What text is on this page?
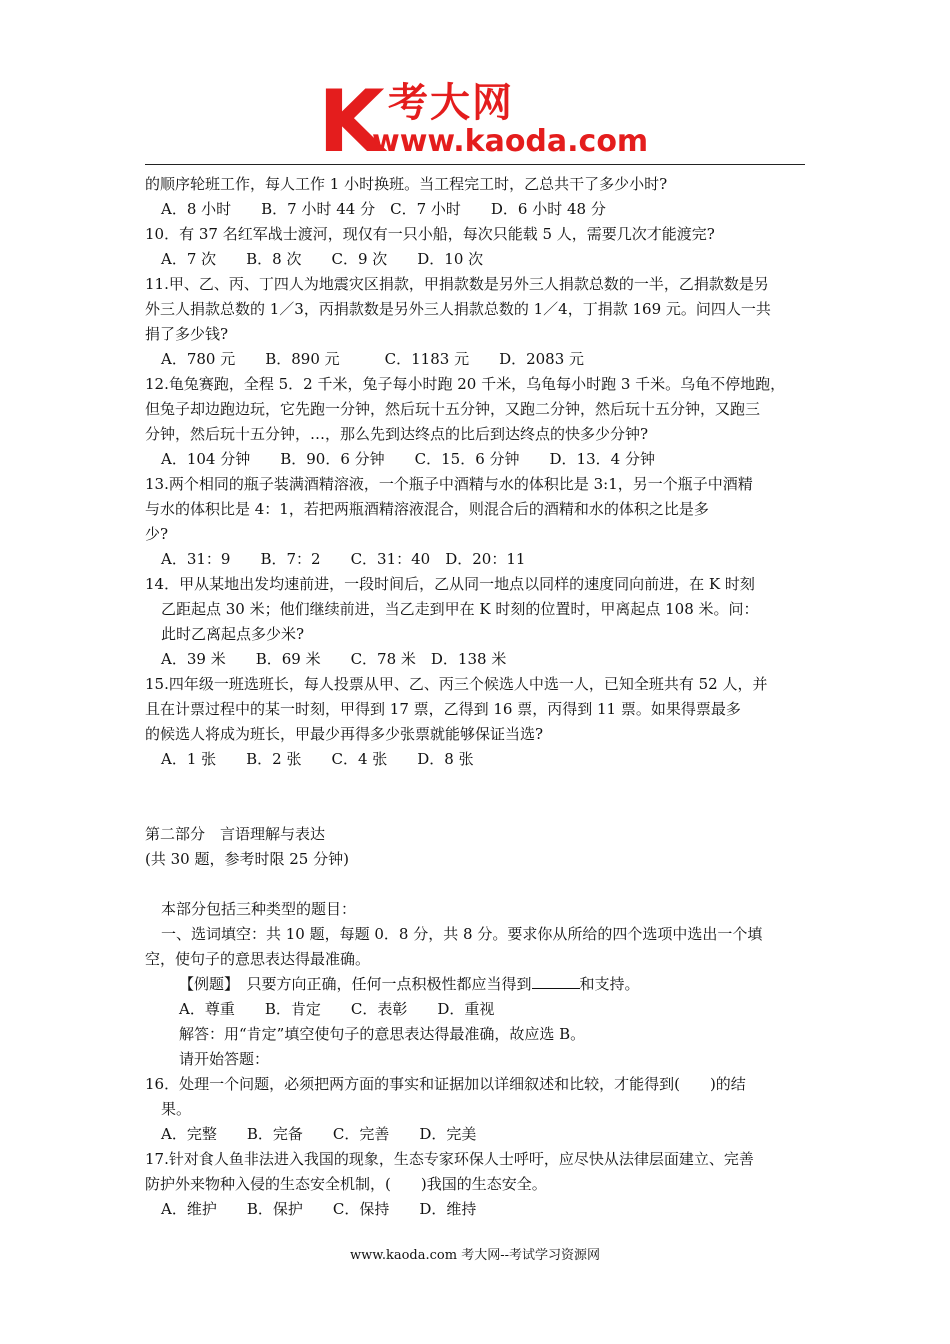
K 考大网
www.kaoda.com
的顺序轮班工作，每人工作 1 小时换班。当工程完工时，乙总共干了多少小时?
A．8 小时　　B．7 小时 44 分　C．7 小时　　D．6 小时 48 分
10．有 37 名红军战士渡河，现仅有一只小船，每次只能载 5 人，需要几次才能渡完?
A．7 次　　B．8 次　　C．9 次　　D．10 次
11.甲、乙、丙、丁四人为地震灾区捐款，甲捐款数是另外三人捐款总数的一半，乙捐款数是另
外三人捐款总数的 1／3，丙捐款数是另外三人捐款总数的 1／4，丁捐款 169 元。问四人一共
捐了多少钱?
A．780 元　　B．890 元　　　C．1183 元　　D．2083 元
12.龟兔赛跑，全程 5．2 千米，兔子每小时跑 20 千米，乌龟每小时跑 3 千米。乌龟不停地跑，
但兔子却边跑边玩，它先跑一分钟，然后玩十五分钟，又跑二分钟，然后玩十五分钟，又跑三
分钟，然后玩十五分钟，…，那么先到达终点的比后到达终点的快多少分钟?
A．104 分钟　　B．90．6 分钟　　C．15．6 分钟　　D．13．4 分钟
13.两个相同的瓶子装满酒精溶液，一个瓶子中酒精与水的体积比是 3:1，另一个瓶子中酒精
与水的体积比是 4：1，若把两瓶酒精溶液混合，则混合后的酒精和水的体积之比是多
少?
A．31：9　　B．7：2　　C．31：40　D．20：11
14．甲从某地出发均速前进，一段时间后，乙从同一地点以同样的速度同向前进，在 K 时刻
乙距起点 30 米；他们继续前进，当乙走到甲在 K 时刻的位置时，甲离起点 108 米。问：
此时乙离起点多少米?
A．39 米　　B．69 米　　C．78 米　D．138 米
15.四年级一班选班长，每人投票从甲、乙、丙三个候选人中选一人，已知全班共有 52 人，并
且在计票过程中的某一时刻，甲得到 17 票，乙得到 16 票，丙得到 11 票。如果得票最多
的候选人将成为班长，甲最少再得多少张票就能够保证当选?
A．1 张　　B．2 张　　C．4 张　　D．8 张
第二部分　言语理解与表达
(共 30 题，参考时限 25 分钟)
本部分包括三种类型的题目：
一、选词填空：共 10 题，每题 0．8 分，共 8 分。要求你从所给的四个选项中选出一个填
空，使句子的意思表达得最准确。
【例题】　只要方向正确，任何一点积极性都应当得到	和支持。
A．尊重　　B．肯定　　C．表彰　　D．重视
解答：用“肯定”填空使句子的意思表达得最准确，故应选 B。
请开始答题：
16．处理一个问题，必须把两方面的事实和证据加以详细叙述和比较，才能得到(　　)的结
果。
A．完整　　B．完备　　C．完善　　D．完美
17.针对食人鱼非法进入我国的现象，生态专家环保人士呼吁，应尽快从法律层面建立、完善
防护外来物种入侵的生态安全机制，(　　)我国的生态安全。
A．维护　　B．保护　　C．保持　　D．维持
www.kaoda.com 考大网--考试学习资源网
